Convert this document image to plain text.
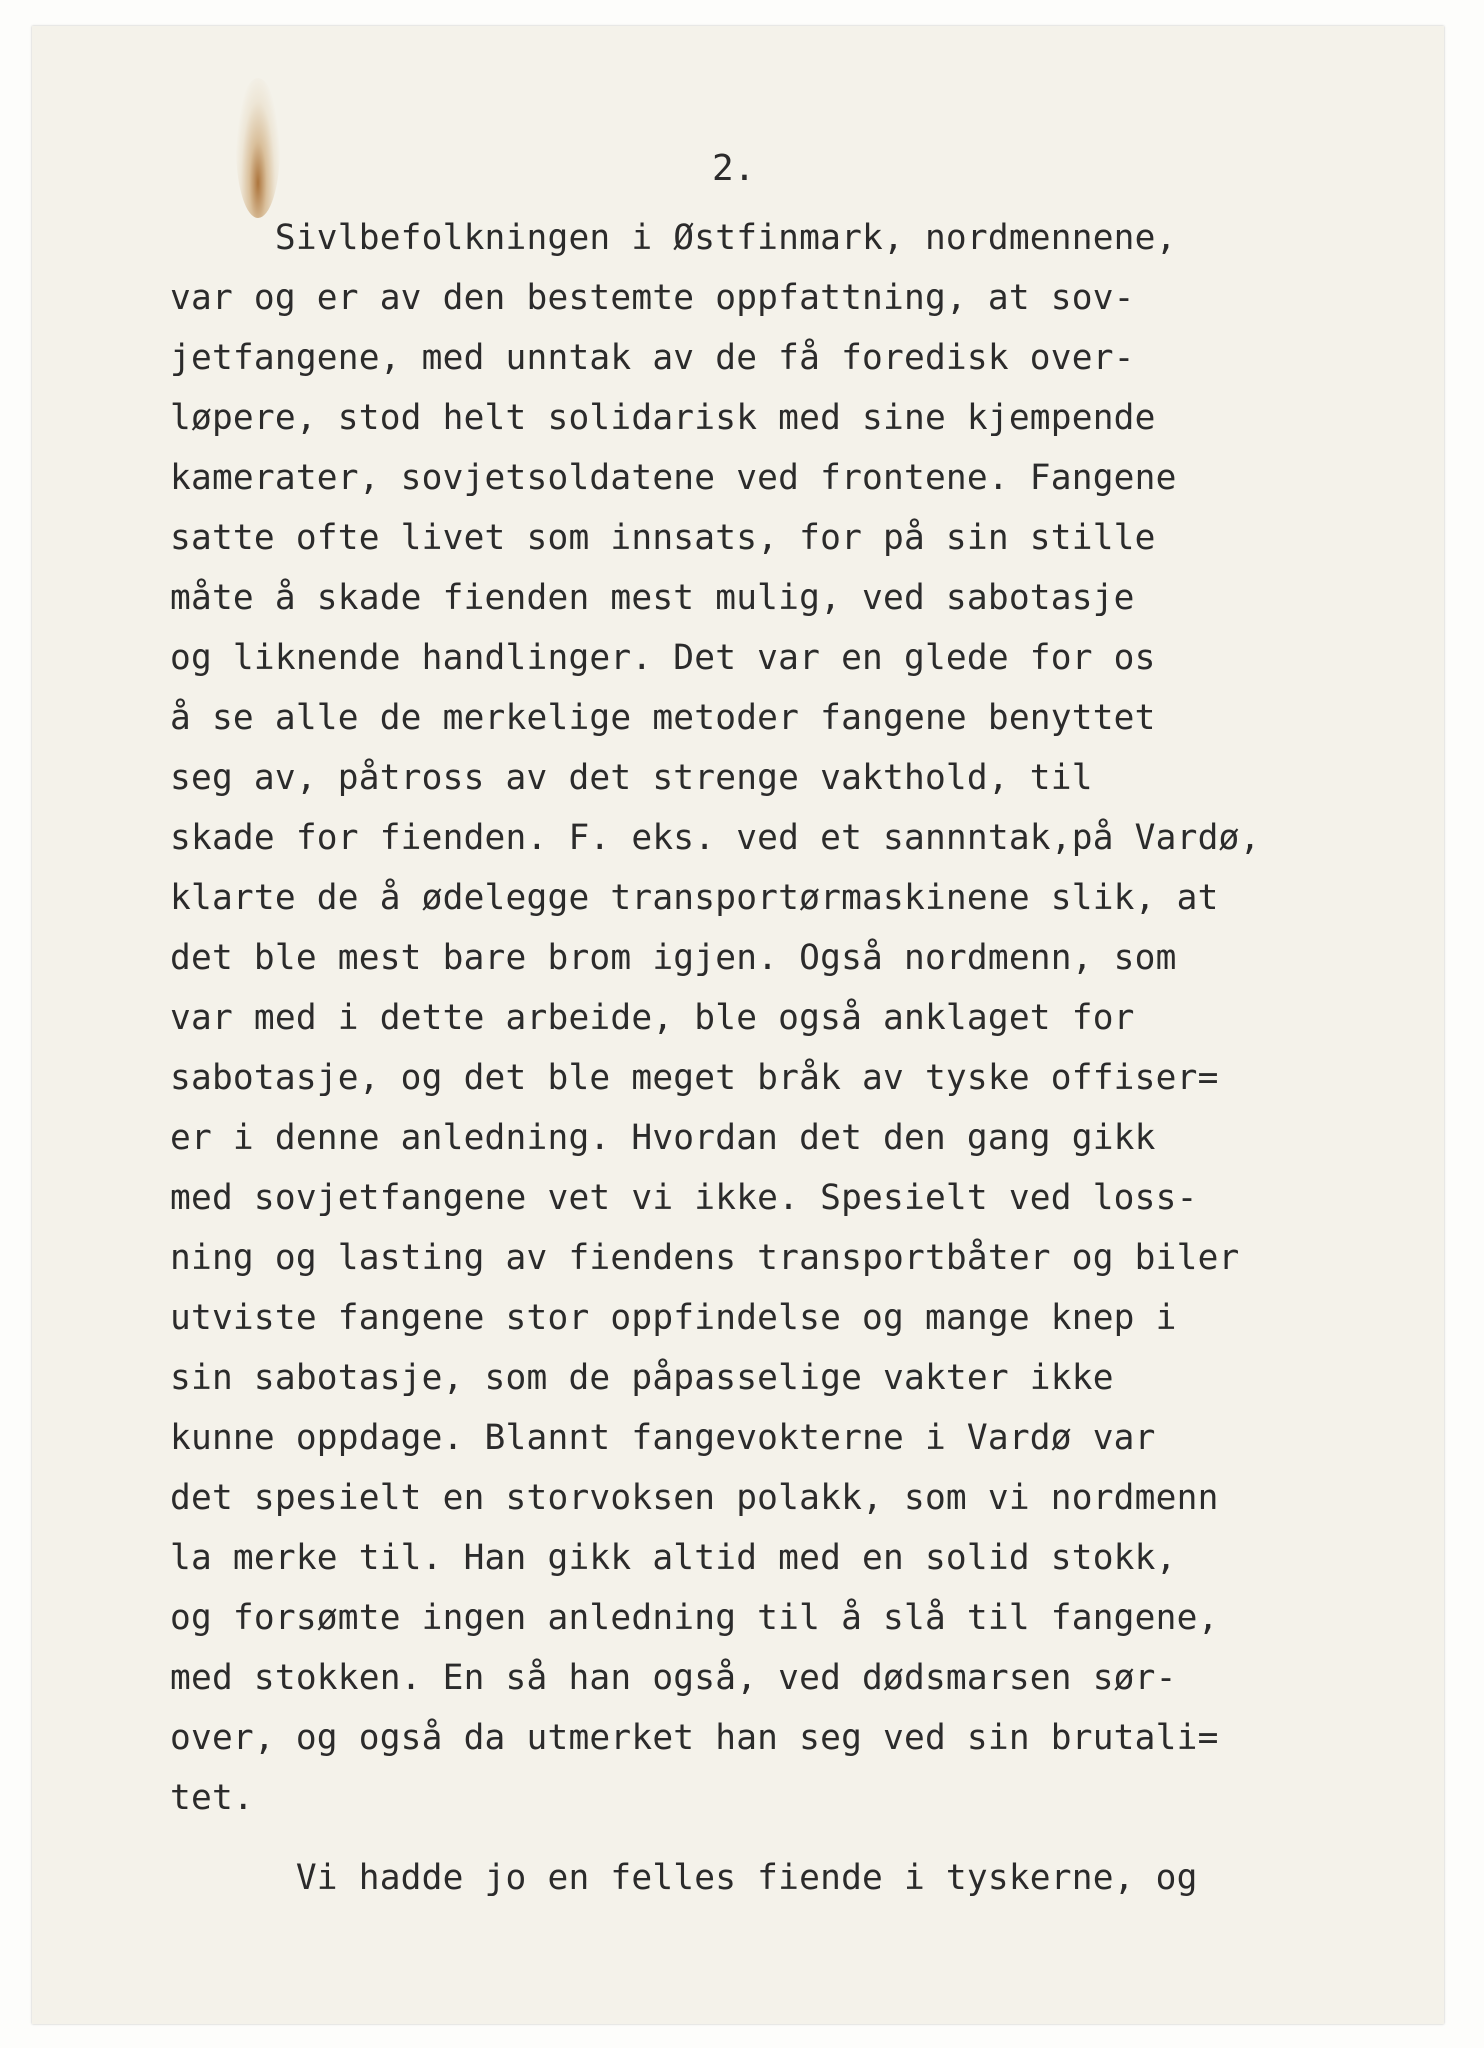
2.

Sivlbefolkningen i Østfinmark, nordmennene,

var og er av den bestemte oppfattning, at sov-

jetfangene, med unntak av de få foredisk over-

løpere, stod helt solidarisk med sine kjempende

kamerater, sovjetsoldatene ved frontene. Fangene

satte ofte livet som innsats, for på sin stille

måte å skade fienden mest mulig, ved sabotasje

og liknende handlinger. Det var en glede for os

å se alle de merkelige metoder fangene benyttet

seg av, påtross av det strenge vakthold, til

skade for fienden. F. eks. ved et sannntak,på Vardø,

klarte de å ødelegge transportørmaskinene slik, at

det ble mest bare brom igjen. Også nordmenn, som

var med i dette arbeide, ble også anklaget for

sabotasje, og det ble meget bråk av tyske offiser=

er i denne anledning. Hvordan det den gang gikk

med sovjetfangene vet vi ikke. Spesielt ved loss-

ning og lasting av fiendens transportbåter og biler

utviste fangene stor oppfindelse og mange knep i

sin sabotasje, som de påpasselige vakter ikke

kunne oppdage. Blannt fangevokterne i Vardø var

det spesielt en storvoksen polakk, som vi nordmenn

la merke til. Han gikk altid med en solid stokk,

og forsømte ingen anledning til å slå til fangene,

med stokken. En så han også, ved dødsmarsen sør-

over, og også da utmerket han seg ved sin brutali=

tet.

Vi hadde jo en felles fiende i tyskerne, og
